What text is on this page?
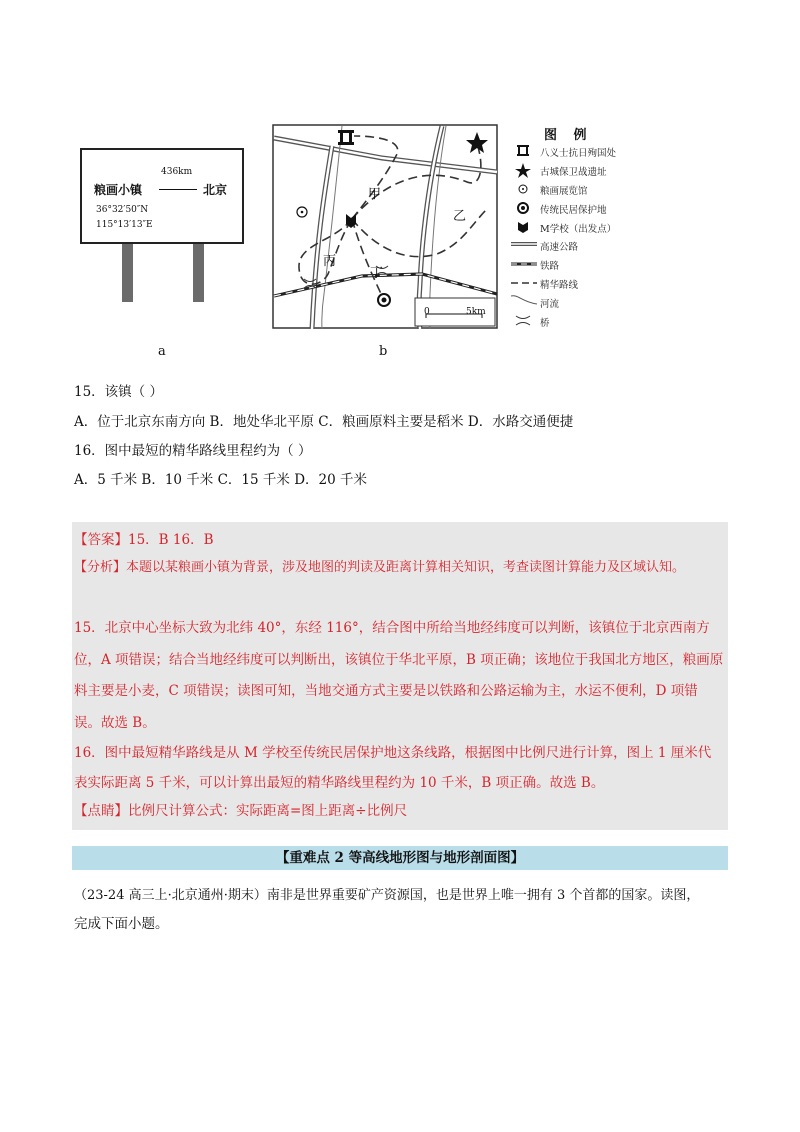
粮画小镇
436km
北京
36°32′50″N
115°13′13″E
a
甲
乙
丙
丁
0	5km
b
图 例
八义士抗日殉国处
古城保卫战遗址
粮画展览馆
传统民居保护地
M学校（出发点）
高速公路
铁路
精华路线
河流
桥
15．该镇（ ）
A．位于北京东南方向 B．地处华北平原 C．粮画原料主要是稻米 D．水路交通便捷
16．图中最短的精华路线里程约为（ ）
A．5 千米 B．10 千米 C．15 千米 D．20 千米
【答案】15．B 16．B
【分析】本题以某粮画小镇为背景，涉及地图的判读及距离计算相关知识，考查读图计算能力及区域认知。
15．北京中心坐标大致为北纬 40°，东经 116°，结合图中所给当地经纬度可以判断，该镇位于北京西南方位，A 项错误；结合当地经纬度可以判断出，该镇位于华北平原，B 项正确；该地位于我国北方地区，粮画原料主要是小麦，C 项错误；读图可知，当地交通方式主要是以铁路和公路运输为主，水运不便利，D 项错误。故选 B。
16．图中最短精华路线是从 M 学校至传统民居保护地这条线路，根据图中比例尺进行计算，图上 1 厘米代表实际距离 5 千米，可以计算出最短的精华路线里程约为 10 千米，B 项正确。故选 B。
【点睛】比例尺计算公式：实际距离=图上距离÷比例尺
【重难点 2 等高线地形图与地形剖面图】
（23-24 高三上·北京通州·期末）南非是世界重要矿产资源国，也是世界上唯一拥有 3 个首都的国家。读图，
完成下面小题。
